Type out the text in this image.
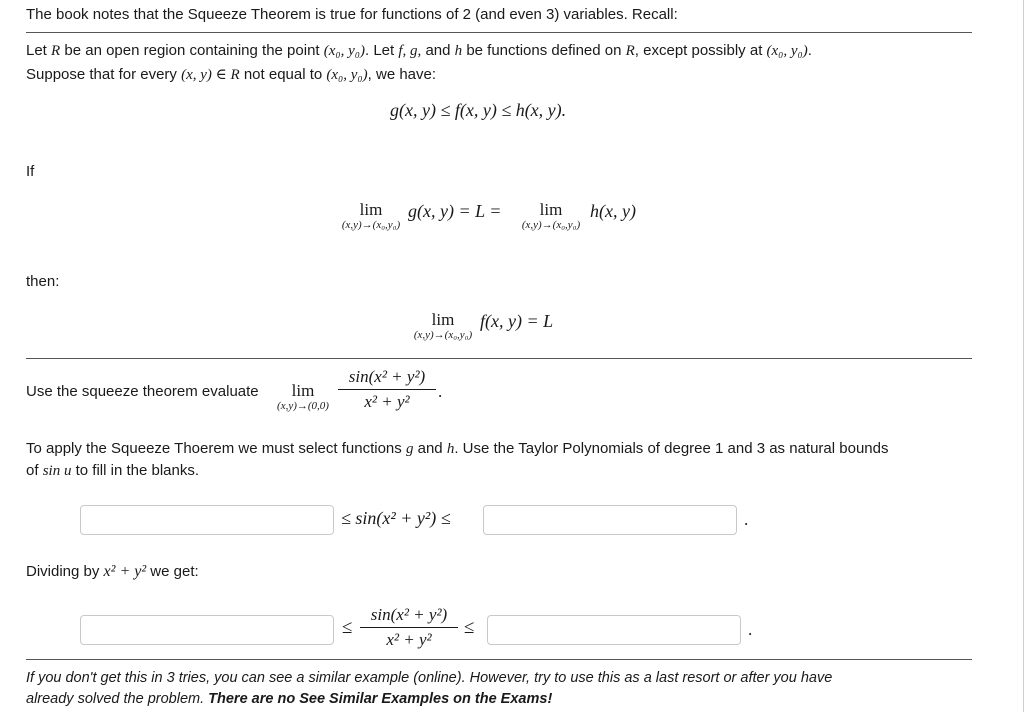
The book notes that the Squeeze Theorem is true for functions of 2 (and even 3) variables. Recall:
Let R be an open region containing the point (x₀, y₀). Let f, g, and h be functions defined on R, except possibly at (x₀, y₀).
Suppose that for every (x, y) ∈ R not equal to (x₀, y₀), we have:
g(x, y) ≤ f(x, y) ≤ h(x, y).
If
lim
(x,y)→(x₀,y₀)
g(x, y) = L =	lim
(x,y)→(x₀,y₀)
h(x, y)
then:
lim
(x,y)→(x₀,y₀)
f(x, y) = L
Use the squeeze theorem evaluate	lim
$(x,y)\to(0,0) \frac{\text{sin(x² + y²)}}{\text{x² + y²}}$ .
To apply the Squeeze Thoerem we must select functions g and h. Use the Taylor Polynomials of degree 1 and 3 as natural bounds
of sin u to fill in the blanks.
≤ sin(x² + y²) ≤	.
Dividing by x² + y² we get:
≤ $\frac{\text{sin(x² + y²)}}{\text{x² + y²}}$ ≤	.
If you don't get this in 3 tries, you can see a similar example (online). However, try to use this as a last resort or after you have
already solved the problem. There are no See Similar Examples on the Exams!
